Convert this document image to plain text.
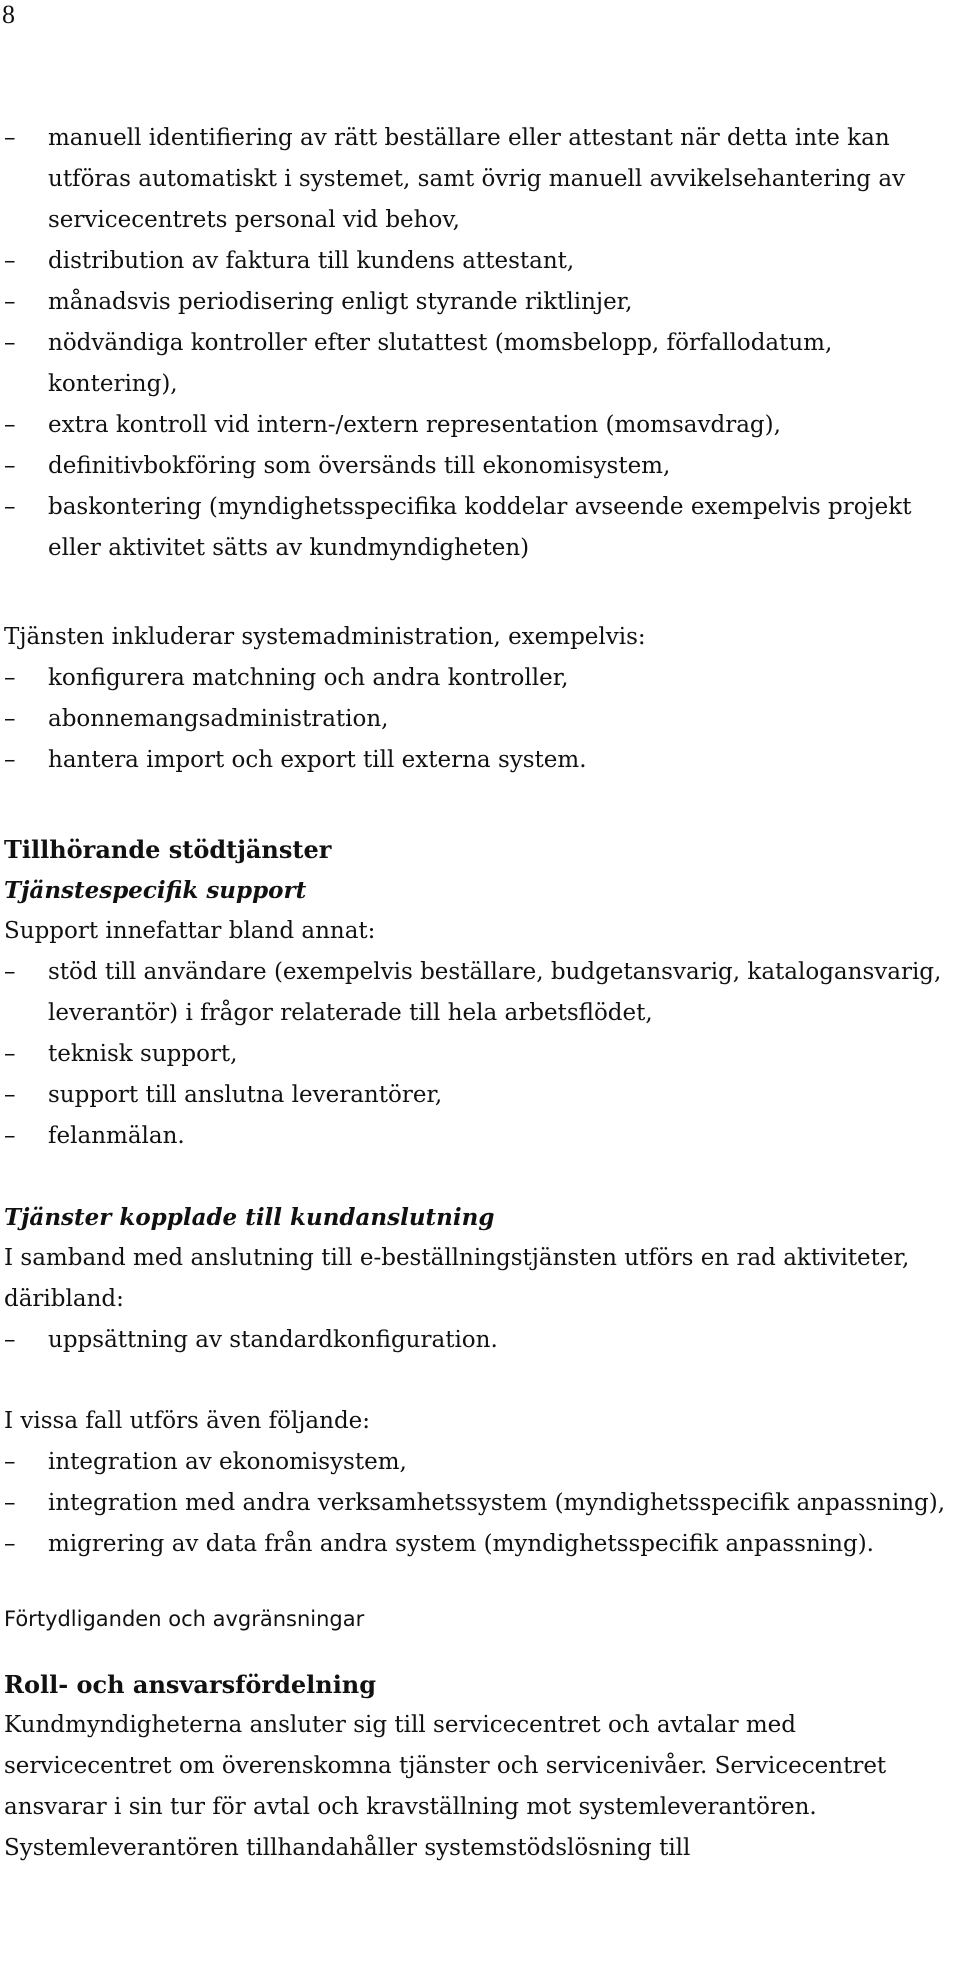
8
– manuell identifiering av rätt beställare eller attestant när detta inte kan utföras automatiskt i systemet, samt övrig manuell avvikelsehantering av servicecentrets personal vid behov,
– distribution av faktura till kundens attestant,
– månadsvis periodisering enligt styrande riktlinjer,
– nödvändiga kontroller efter slutattest (momsbelopp, förfallodatum, kontering),
– extra kontroll vid intern-/extern representation (momsavdrag),
– definitivbokföring som översänds till ekonomisystem,
– baskontering (myndighetsspecifika koddelar avseende exempelvis projekt eller aktivitet sätts av kundmyndigheten)

Tjänsten inkluderar systemadministration, exempelvis:

– konfigurera matchning och andra kontroller,
– abonnemangsadministration,
– hantera import och export till externa system.
Tillhörande stödtjänster
Tjänstespecifik support

Support innefattar bland annat:

– stöd till användare (exempelvis beställare, budgetansvarig, katalogansvarig, leverantör) i frågor relaterade till hela arbetsflödet,
– teknisk support,
– support till anslutna leverantörer,
– felanmälan.
Tjänster kopplade till kundanslutning

I samband med anslutning till e-beställningstjänsten utförs en rad aktiviteter, däribland:

– uppsättning av standardkonfiguration.

I vissa fall utförs även följande:

– integration av ekonomisystem,
– integration med andra verksamhetssystem (myndighetsspecifik anpassning),
– migrering av data från andra system (myndighetsspecifik anpassning).
Förtydliganden och avgränsningar
Roll- och ansvarsfördelning

Kundmyndigheterna ansluter sig till servicecentret och avtalar med servicecentret om överenskomna tjänster och servicenivåer. Servicecentret ansvarar i sin tur för avtal och kravställning mot systemleverantören. Systemleverantören tillhandahåller systemstödslösning till
